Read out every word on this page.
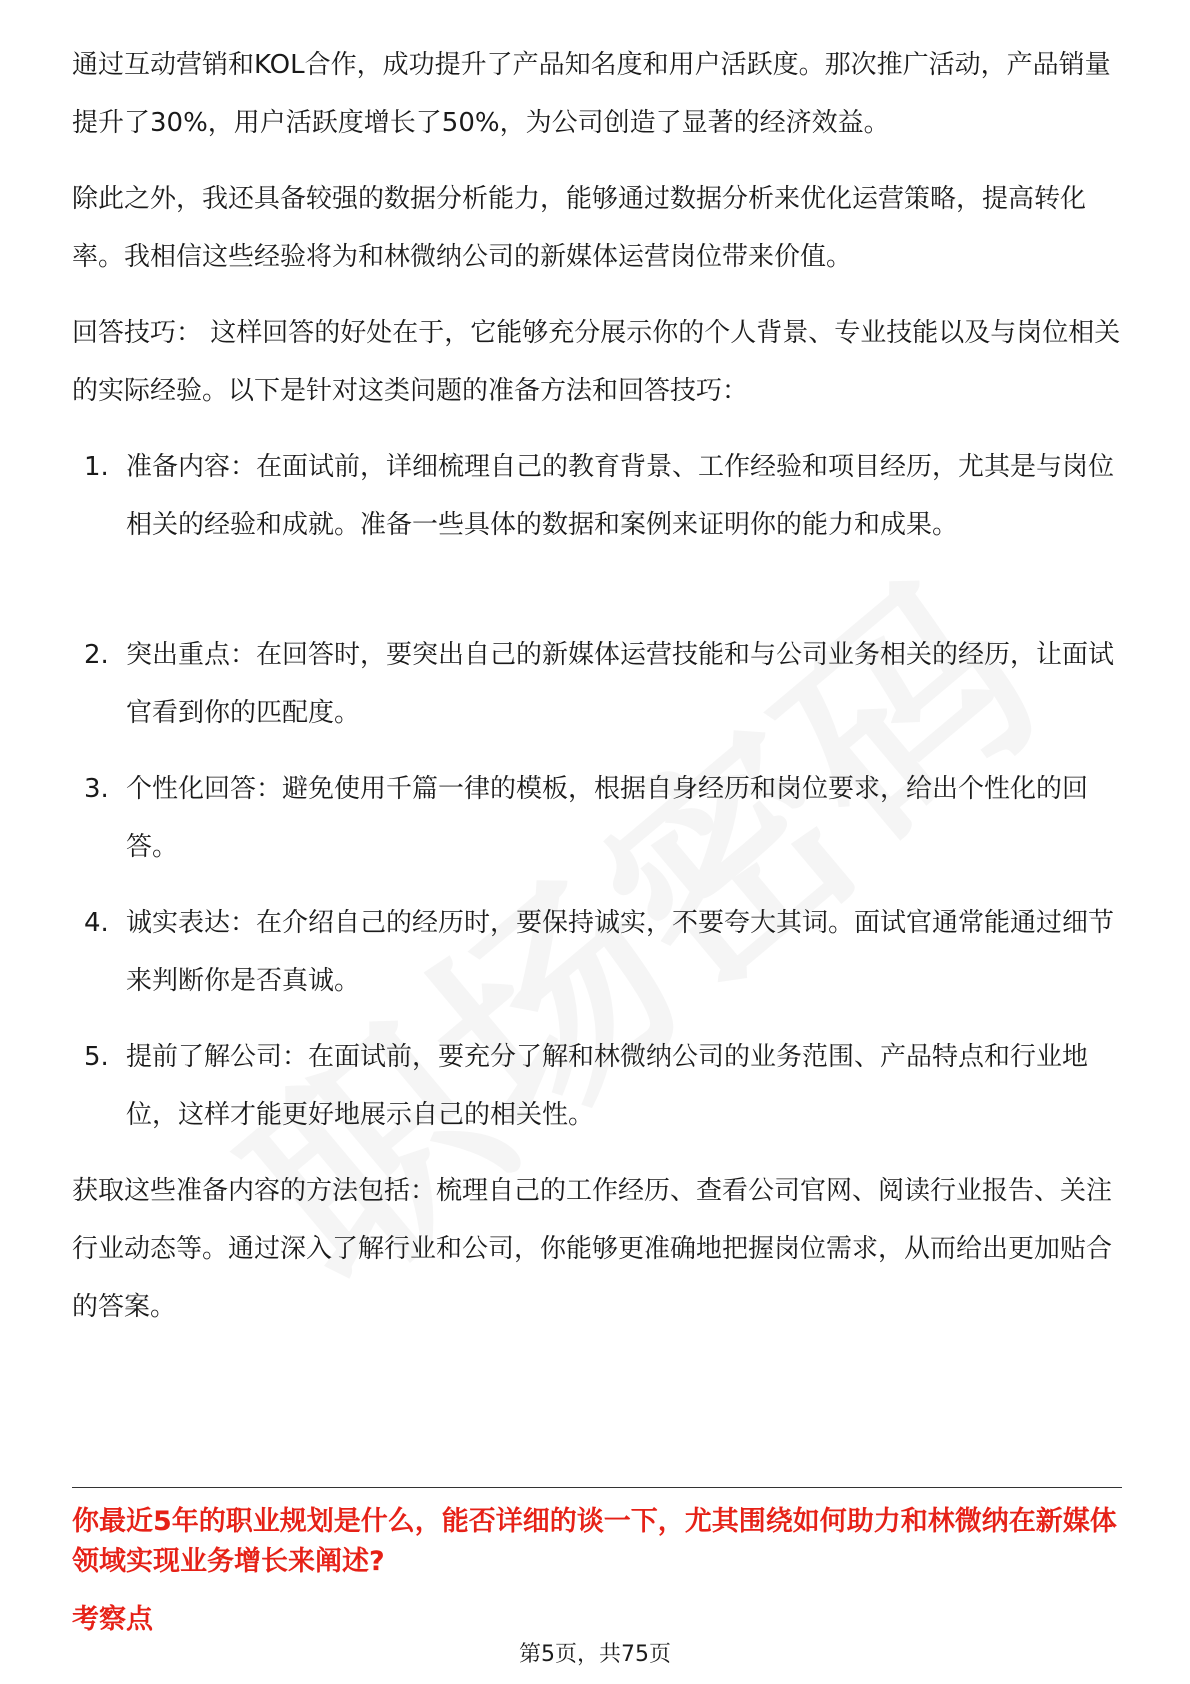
通过互动营销和KOL合作，成功提升了产品知名度和用户活跃度。那次推广活动，产品销量提升了30%，用户活跃度增长了50%，为公司创造了显著的经济效益。

除此之外，我还具备较强的数据分析能力，能够通过数据分析来优化运营策略，提高转化率。我相信这些经验将为和林微纳公司的新媒体运营岗位带来价值。

回答技巧： 这样回答的好处在于，它能够充分展示你的个人背景、专业技能以及与岗位相关的实际经验。以下是针对这类问题的准备方法和回答技巧：

1. 准备内容：在面试前，详细梳理自己的教育背景、工作经验和项目经历，尤其是与岗位相关的经验和成就。准备一些具体的数据和案例来证明你的能力和成果。
2. 突出重点：在回答时，要突出自己的新媒体运营技能和与公司业务相关的经历，让面试官看到你的匹配度。
3. 个性化回答：避免使用千篇一律的模板，根据自身经历和岗位要求，给出个性化的回答。
4. 诚实表达：在介绍自己的经历时，要保持诚实，不要夸大其词。面试官通常能通过细节来判断你是否真诚。
5. 提前了解公司：在面试前，要充分了解和林微纳公司的业务范围、产品特点和行业地位，这样才能更好地展示自己的相关性。

获取这些准备内容的方法包括：梳理自己的工作经历、查看公司官网、阅读行业报告、关注行业动态等。通过深入了解行业和公司，你能够更准确地把握岗位需求，从而给出更加贴合的答案。

你最近5年的职业规划是什么，能否详细的谈一下，尤其围绕如何助力和林微纳在新媒体领域实现业务增长来阐述?

考察点

第5页，共75页
